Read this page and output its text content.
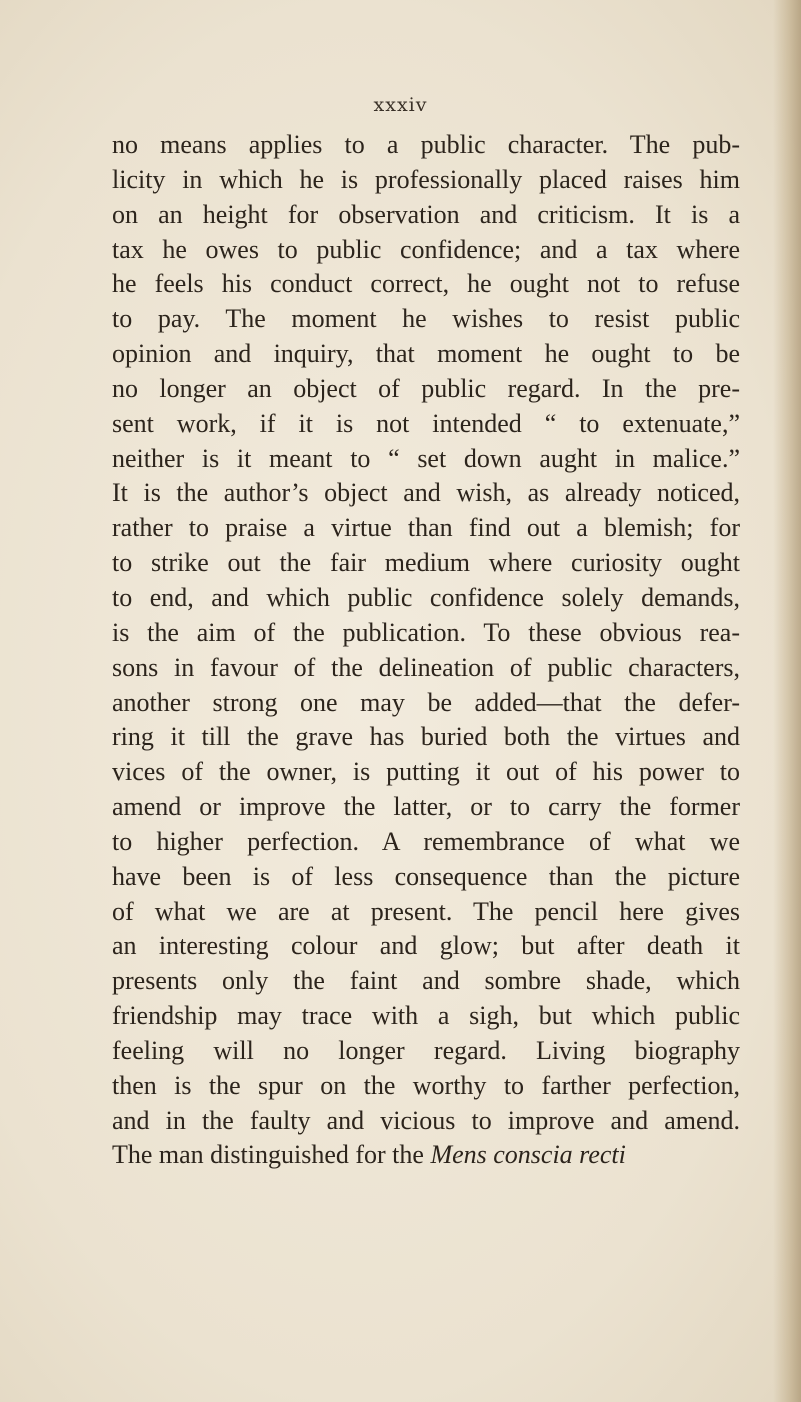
xxxiv

no means applies to a public character. The pub-
licity in which he is professionally placed raises him
on an height for observation and criticism. It is a
tax he owes to public confidence; and a tax where
he feels his conduct correct, he ought not to refuse
to pay. The moment he wishes to resist public
opinion and inquiry, that moment he ought to be
no longer an object of public regard. In the pre-
sent work, if it is not intended “ to extenuate,”
neither is it meant to “ set down aught in malice.”
It is the author’s object and wish, as already noticed,
rather to praise a virtue than find out a blemish; for
to strike out the fair medium where curiosity ought
to end, and which public confidence solely demands,
is the aim of the publication. To these obvious rea-
sons in favour of the delineation of public characters,
another strong one may be added—that the defer-
ring it till the grave has buried both the virtues and
vices of the owner, is putting it out of his power to
amend or improve the latter, or to carry the former
to higher perfection. A remembrance of what we
have been is of less consequence than the picture
of what we are at present. The pencil here gives
an interesting colour and glow; but after death it
presents only the faint and sombre shade, which
friendship may trace with a sigh, but which public
feeling will no longer regard. Living biography
then is the spur on the worthy to farther perfection,
and in the faulty and vicious to improve and amend.
The man distinguished for the Mens conscia recti
